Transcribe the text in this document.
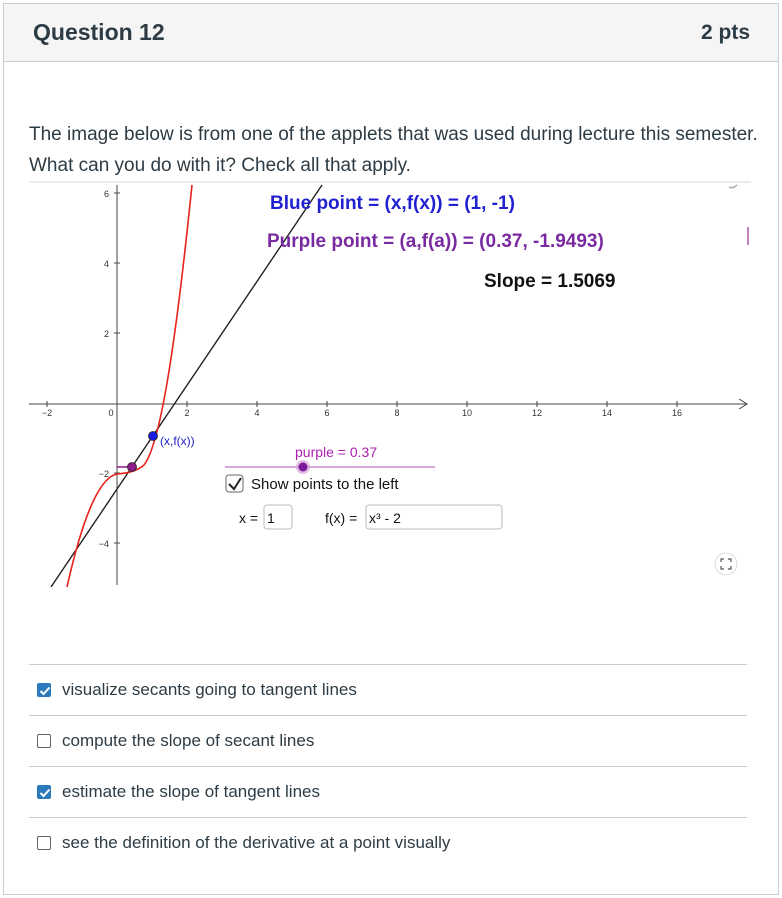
Question 12	2 pts
The image below is from one of the applets that was used during lecture this semester. What can you do with it? Check all that apply.
6
4
2
−2
−4
−2	0	2	4	6	8	10	12	14	16
(x,f(x))
Blue point = (x,f(x)) = (1, -1)
Purple point = (a,f(a)) = (0.37, -1.9493)
Slope = 1.5069
purple = 0.37
Show points to the left
x = 1	f(x) = x³ - 2
visualize secants going to tangent lines
compute the slope of secant lines
estimate the slope of tangent lines
see the definition of the derivative at a point visually
